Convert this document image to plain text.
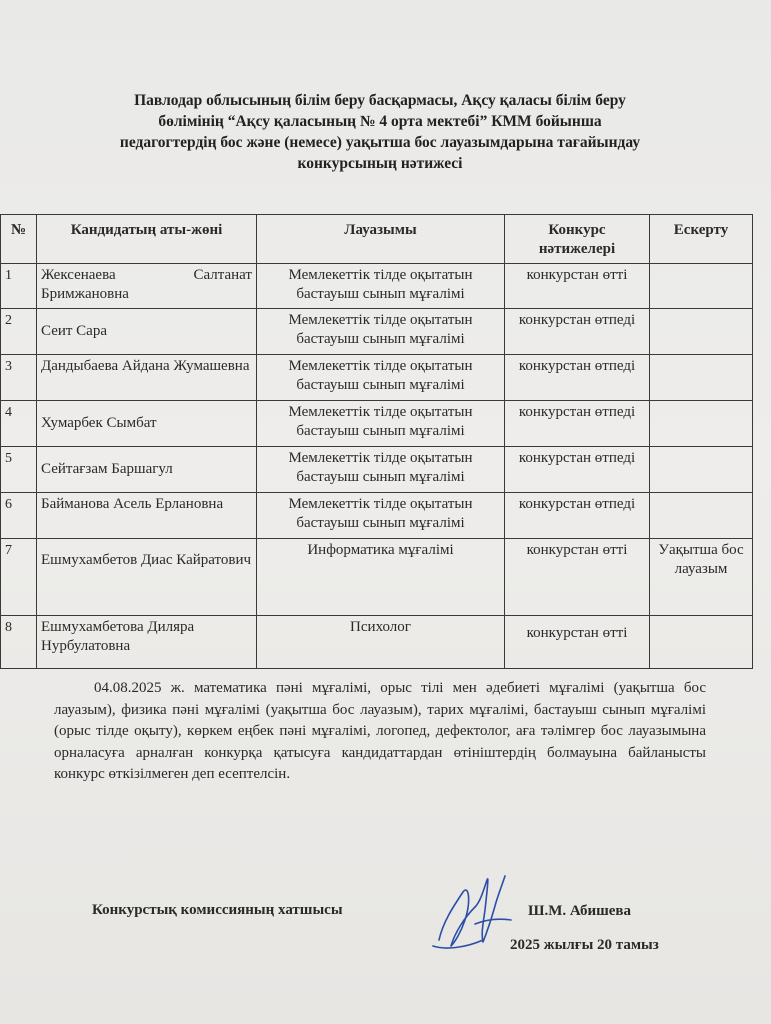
Павлодар облысының білім беру басқармасы, Ақсу қаласы білім беру
бөлімінің “Ақсу қаласының № 4 орта мектебі” КММ бойынша
педагогтердің бос және (немесе) уақытша бос лауазымдарына тағайындау
конкурсының нәтижесі
№	Кандидатың аты-жөні	Лауазымы	Конкурс нәтижелері	Ескерту
1	Жексенаева Салтанат Бримжановна	Мемлекеттік тілде оқытатын бастауыш сынып мұғалімі	конкурстан өтті	
2	Сеит Сара	Мемлекеттік тілде оқытатын бастауыш сынып мұғалімі	конкурстан өтпеді	
3	Дандыбаева Айдана Жумашевна	Мемлекеттік тілде оқытатын бастауыш сынып мұғалімі	конкурстан өтпеді	
4	Хумарбек Сымбат	Мемлекеттік тілде оқытатын бастауыш сынып мұғалімі	конкурстан өтпеді	
5	Сейтағзам Баршагул	Мемлекеттік тілде оқытатын бастауыш сынып мұғалімі	конкурстан өтпеді	
6	Байманова Асель Ерлановна	Мемлекеттік тілде оқытатын бастауыш сынып мұғалімі	конкурстан өтпеді	
7	Ешмухамбетов Диас Кайратович	Информатика мұғалімі	конкурстан өтті	Уақытша бос лауазым
8	Ешмухамбетова Диляра Нурбулатовна	Психолог	конкурстан өтті	
04.08.2025 ж. математика пәні мұғалімі, орыс тілі мен әдебиеті мұғалімі (уақытша бос лауазым), физика пәні мұғалімі (уақытша бос лауазым), тарих мұғалімі, бастауыш сынып мұғалімі (орыс тілде оқыту), көркем еңбек пәні мұғалімі, логопед, дефектолог, аға тәлімгер бос лауазымына орналасуға арналған конкурқа қатысуға кандидаттардан өтініштердің болмауына байланысты конкурс өткізілмеген деп есептелсін.
Конкурстық комиссияның хатшысы	Ш.М. Абишева
2025 жылғы 20 тамыз
